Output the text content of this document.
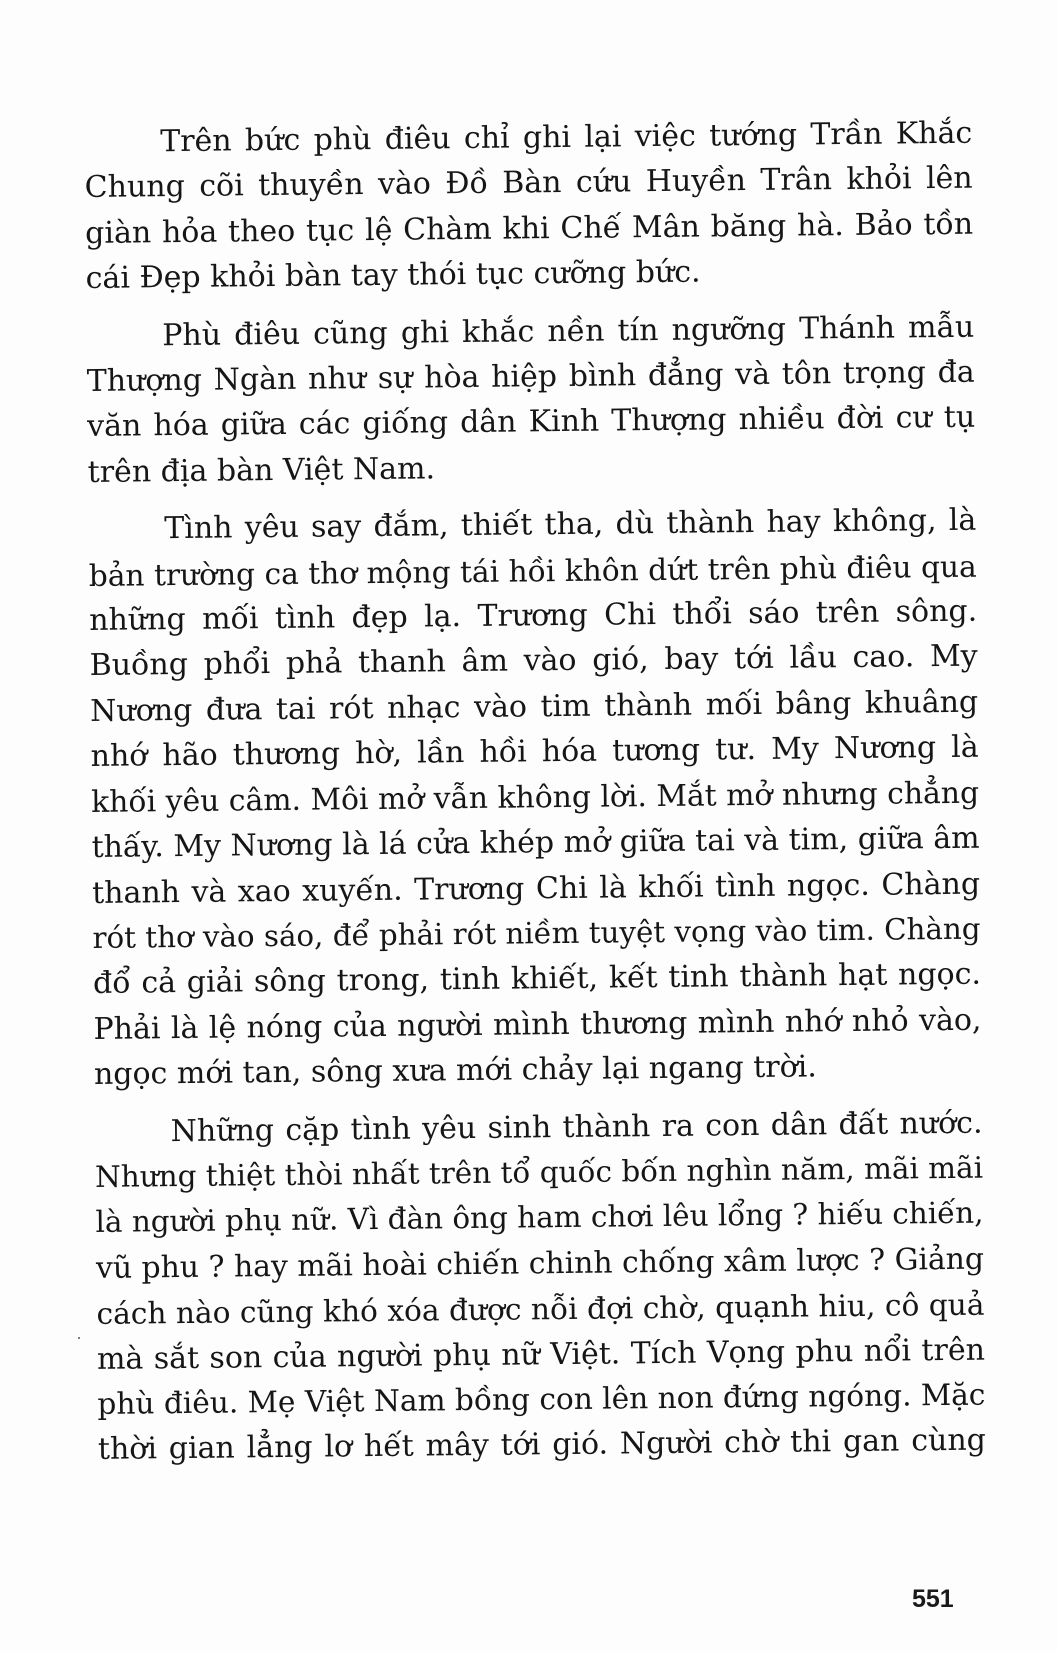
Trên bức phù điêu chỉ ghi lại việc tướng Trần Khắc
Chung cõi thuyền vào Đồ Bàn cứu Huyền Trân khỏi lên
giàn hỏa theo tục lệ Chàm khi Chế Mân băng hà. Bảo tồn
cái Đẹp khỏi bàn tay thói tục cưỡng bức.
Phù điêu cũng ghi khắc nền tín ngưỡng Thánh mẫu
Thượng Ngàn như sự hòa hiệp bình đẳng và tôn trọng đa
văn hóa giữa các giống dân Kinh Thượng nhiều đời cư tụ
trên địa bàn Việt Nam.
Tình yêu say đắm, thiết tha, dù thành hay không, là
bản trường ca thơ mộng tái hồi khôn dứt trên phù điêu qua
những mối tình đẹp lạ. Trương Chi thổi sáo trên sông.
Buồng phổi phả thanh âm vào gió, bay tới lầu cao. My
Nương đưa tai rót nhạc vào tim thành mối bâng khuâng
nhớ hão thương hờ, lần hồi hóa tương tư. My Nương là
khối yêu câm. Môi mở vẫn không lời. Mắt mở nhưng chẳng
thấy. My Nương là lá cửa khép mở giữa tai và tim, giữa âm
thanh và xao xuyến. Trương Chi là khối tình ngọc. Chàng
rót thơ vào sáo, để phải rót niềm tuyệt vọng vào tim. Chàng
đổ cả giải sông trong, tinh khiết, kết tinh thành hạt ngọc.
Phải là lệ nóng của người mình thương mình nhớ nhỏ vào,
ngọc mới tan, sông xưa mới chảy lại ngang trời.
Những cặp tình yêu sinh thành ra con dân đất nước.
Nhưng thiệt thòi nhất trên tổ quốc bốn nghìn năm, mãi mãi
là người phụ nữ. Vì đàn ông ham chơi lêu lổng ? hiếu chiến,
vũ phu ? hay mãi hoài chiến chinh chống xâm lược ? Giảng
cách nào cũng khó xóa được nỗi đợi chờ, quạnh hiu, cô quả
mà sắt son của người phụ nữ Việt. Tích Vọng phu nổi trên
phù điêu. Mẹ Việt Nam bồng con lên non đứng ngóng. Mặc
thời gian lẳng lơ hết mây tới gió. Người chờ thi gan cùng
551
